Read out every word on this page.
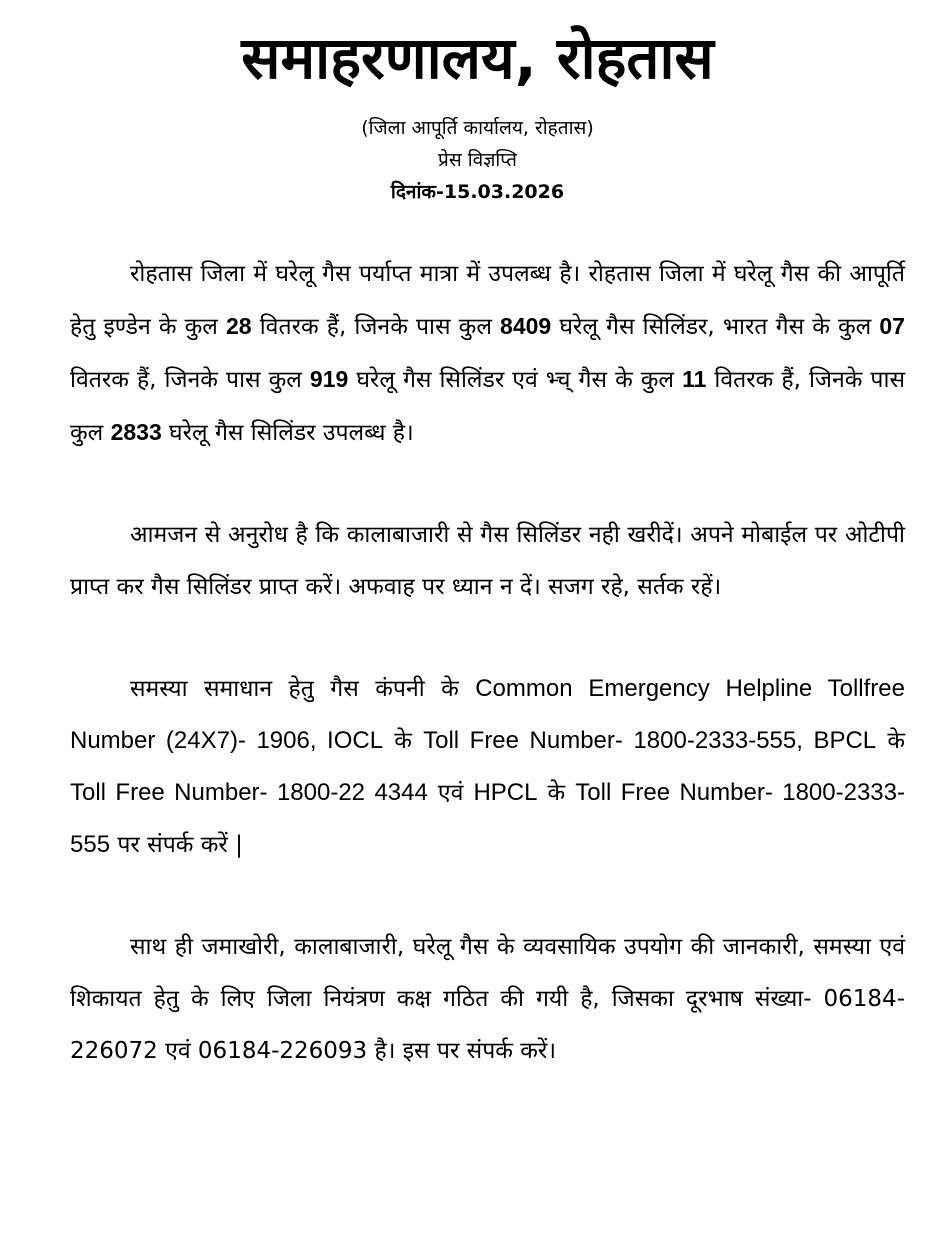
समाहरणालय, रोहतास

(जिला आपूर्ति कार्यालय, रोहतास)

प्रेस विज्ञप्ति

दिनांक-15.03.2026

रोहतास जिला में घरेलू गैस पर्याप्त मात्रा में उपलब्ध है। रोहतास जिला में घरेलू गैस की आपूर्ति हेतु इण्डेन के कुल 28 वितरक हैं, जिनके पास कुल 8409 घरेलू गैस सिलिंडर, भारत गैस के कुल 07 वितरक हैं, जिनके पास कुल 919 घरेलू गैस सिलिंडर एवं भ्च् गैस के कुल 11 वितरक हैं, जिनके पास कुल 2833 घरेलू गैस सिलिंडर उपलब्ध है।

आमजन से अनुरोध है कि कालाबाजारी से गैस सिलिंडर नही खरीदें। अपने मोबाईल पर ओटीपी प्राप्त कर गैस सिलिंडर प्राप्त करें। अफवाह पर ध्यान न दें। सजग रहे, सर्तक रहें।

समस्या समाधान हेतु गैस कंपनी के Common Emergency Helpline Tollfree Number (24X7)- 1906, IOCL के Toll Free Number- 1800-2333-555, BPCL के Toll Free Number- 1800-22 4344 एवं HPCL के Toll Free Number- 1800-2333-555 पर संपर्क करें |

साथ ही जमाखोरी, कालाबाजारी, घरेलू गैस के व्यवसायिक उपयोग की जानकारी, समस्या एवं शिकायत हेतु के लिए जिला नियंत्रण कक्ष गठित की गयी है, जिसका दूरभाष संख्या- 06184-226072 एवं 06184-226093 है। इस पर संपर्क करें।
